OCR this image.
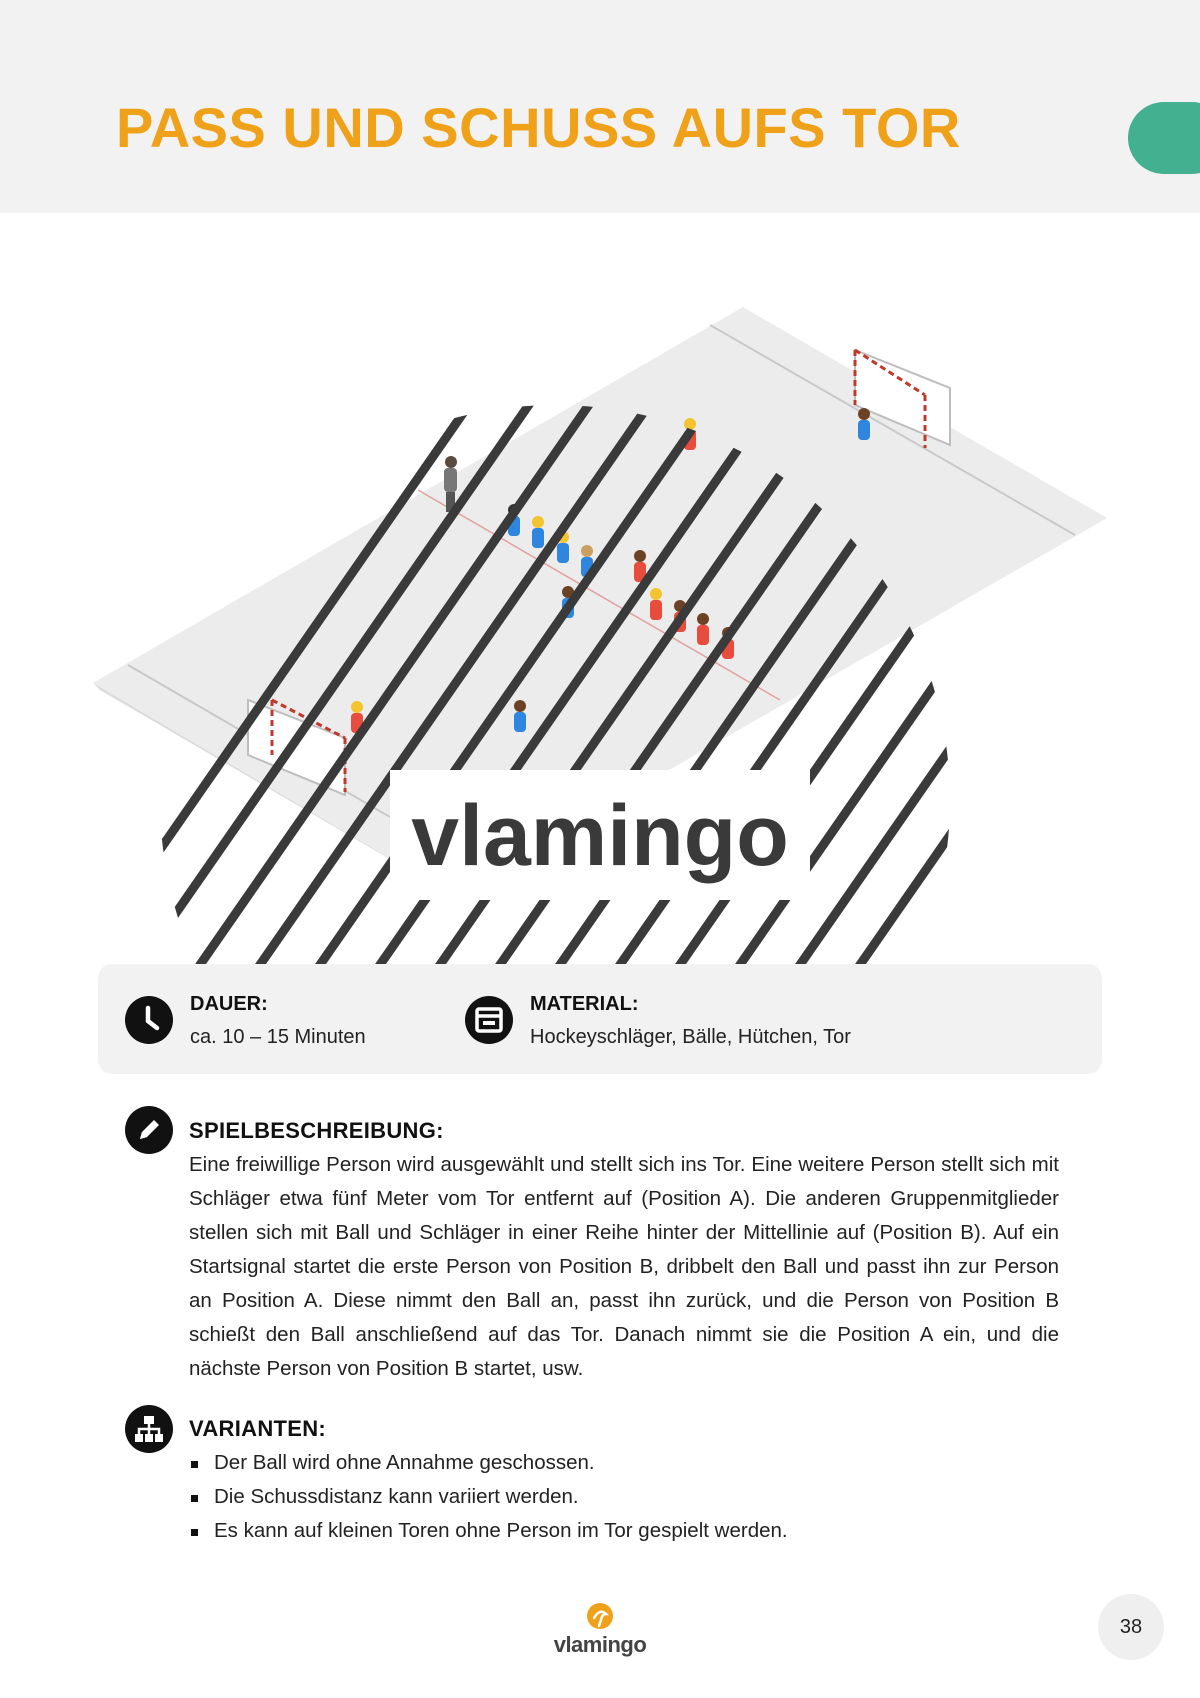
PASS UND SCHUSS AUFS TOR
vlamingo
DAUER:
ca. 10 – 15 Minuten
MATERIAL:
Hockeyschläger, Bälle, Hütchen, Tor
SPIELBESCHREIBUNG:

Eine freiwillige Person wird ausgewählt und stellt sich ins Tor. Eine weitere Person stellt sich mit Schläger etwa fünf Meter vom Tor entfernt auf (Position A). Die anderen Gruppenmitglieder stellen sich mit Ball und Schläger in einer Reihe hinter der Mittellinie auf (Position B). Auf ein Startsignal startet die erste Person von Position B, dribbelt den Ball und passt ihn zur Person an Position A. Diese nimmt den Ball an, passt ihn zurück, und die Person von Position B schießt den Ball anschließend auf das Tor. Danach nimmt sie die Position A ein, und die nächste Person von Position B startet, usw.

VARIANTEN:
Der Ball wird ohne Annahme geschossen.
Die Schussdistanz kann variiert werden.
Es kann auf kleinen Toren ohne Person im Tor gespielt werden.
vlamingo
38
